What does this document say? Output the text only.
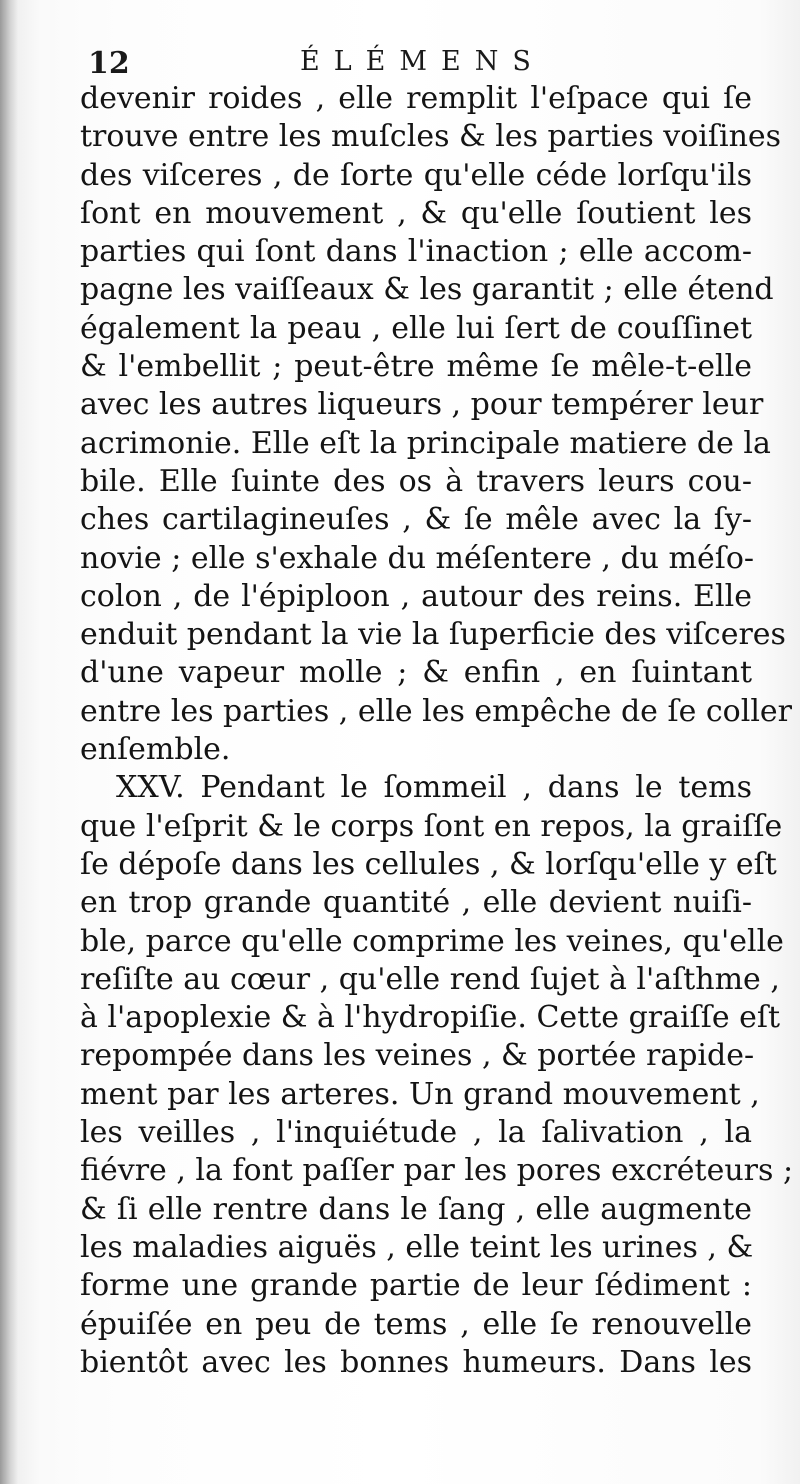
12	ÉLÉMENS
devenir roides , elle remplit l'eſpace qui ſe
trouve entre les muſcles & les parties voiſines
des viſceres , de ſorte qu'elle céde lorſqu'ils
ſont en mouvement , & qu'elle ſoutient les
parties qui ſont dans l'inaction ; elle accom-
pagne les vaiſſeaux & les garantit ; elle étend
également la peau , elle lui ſert de couſſinet
& l'embellit ; peut-être même ſe mêle-t-elle
avec les autres liqueurs , pour tempérer leur
acrimonie. Elle eſt la principale matiere de la
bile. Elle ſuinte des os à travers leurs cou-
ches cartilagineuſes , & ſe mêle avec la ſy-
novie ; elle s'exhale du méſentere , du méſo-
colon , de l'épiploon , autour des reins. Elle
enduit pendant la vie la ſuperficie des viſceres
d'une vapeur molle ; & enfin , en ſuintant
entre les parties , elle les empêche de ſe coller
enſemble.
XXV. Pendant le ſommeil , dans le tems
que l'eſprit & le corps ſont en repos, la graiſſe
ſe dépoſe dans les cellules , & lorſqu'elle y eſt
en trop grande quantité , elle devient nuiſi-
ble, parce qu'elle comprime les veines, qu'elle
reſiſte au cœur , qu'elle rend ſujet à l'aſthme ,
à l'apoplexie & à l'hydropiſie. Cette graiſſe eſt
repompée dans les veines , & portée rapide-
ment par les arteres. Un grand mouvement ,
les veilles , l'inquiétude , la ſalivation , la
fiévre , la font paſſer par les pores excréteurs ;
& ſi elle rentre dans le ſang , elle augmente
les maladies aiguës , elle teint les urines , &
forme une grande partie de leur ſédiment :
épuiſée en peu de tems , elle ſe renouvelle
bientôt avec les bonnes humeurs. Dans les
